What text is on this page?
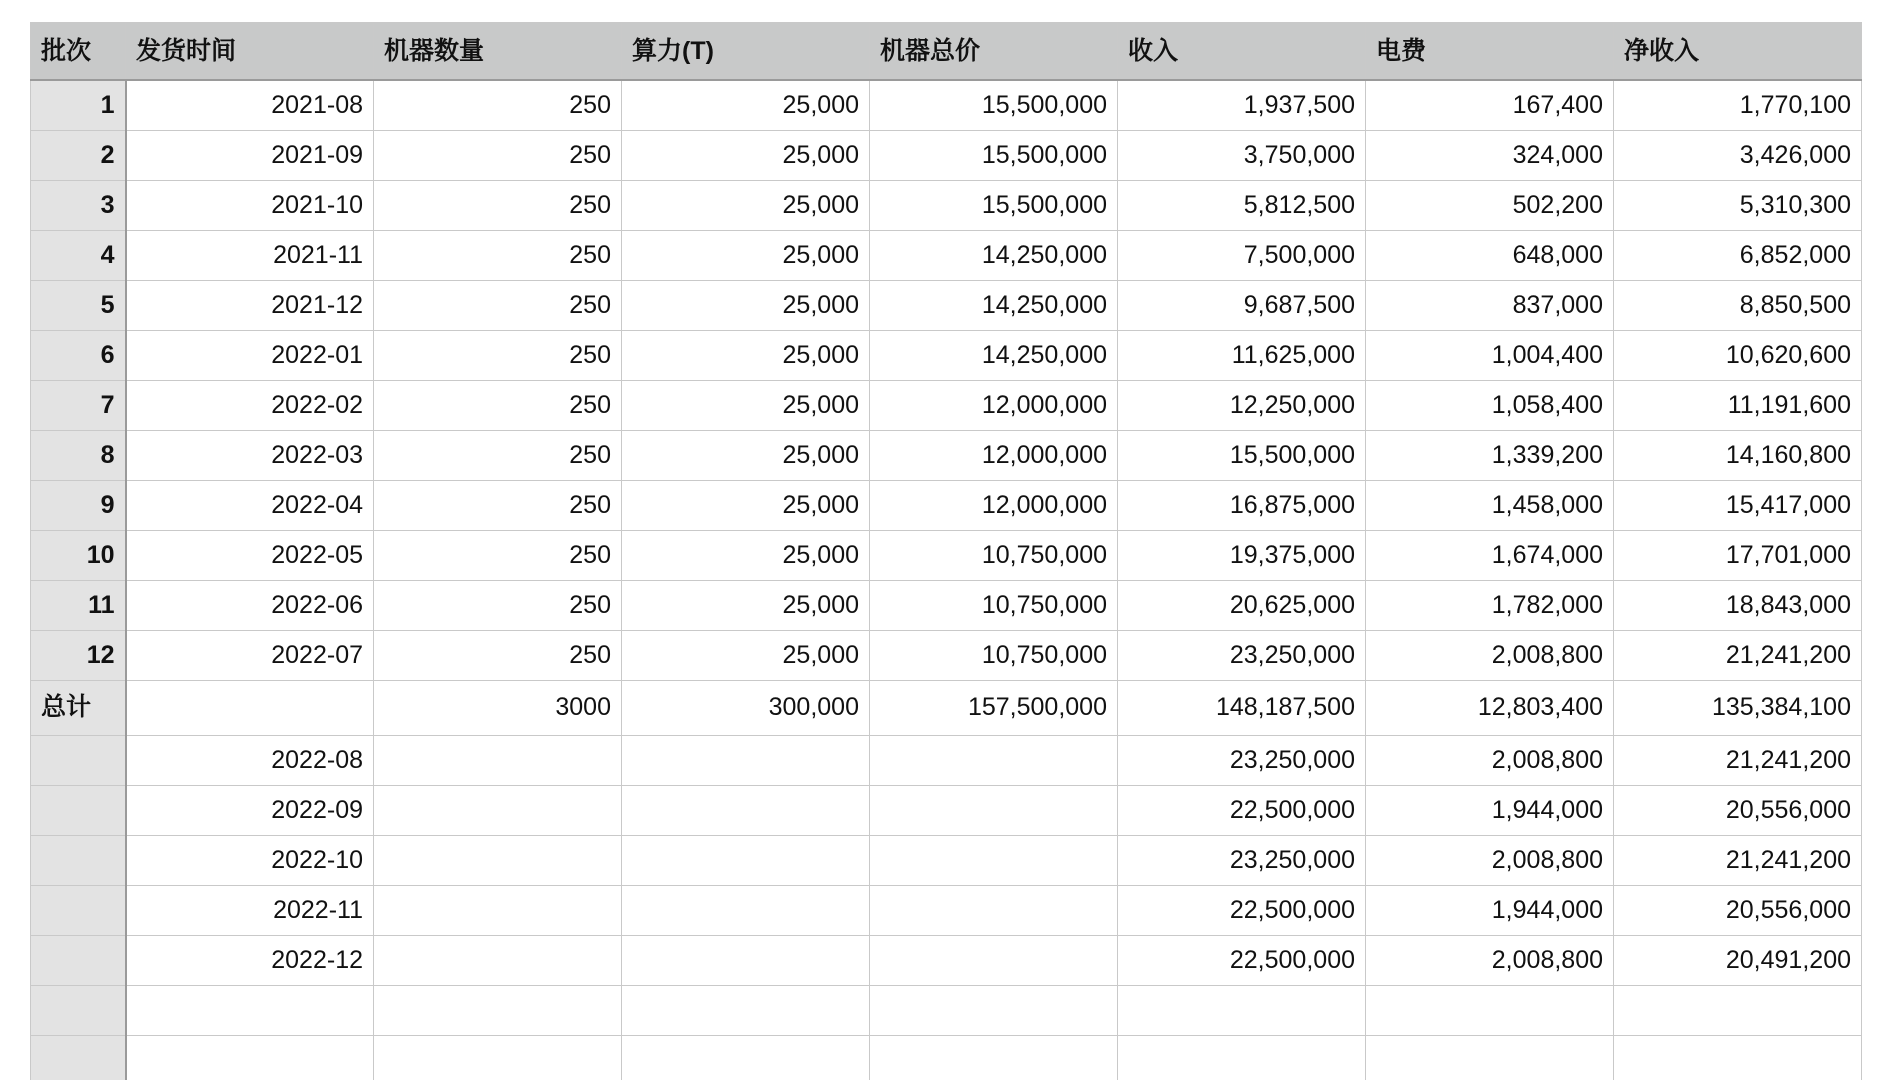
批次	发货时间	机器数量	算力(T)	机器总价	收入	电费	净收入
1	2021-08	250	25,000	15,500,000	1,937,500	167,400	1,770,100
2	2021-09	250	25,000	15,500,000	3,750,000	324,000	3,426,000
3	2021-10	250	25,000	15,500,000	5,812,500	502,200	5,310,300
4	2021-11	250	25,000	14,250,000	7,500,000	648,000	6,852,000
5	2021-12	250	25,000	14,250,000	9,687,500	837,000	8,850,500
6	2022-01	250	25,000	14,250,000	11,625,000	1,004,400	10,620,600
7	2022-02	250	25,000	12,000,000	12,250,000	1,058,400	11,191,600
8	2022-03	250	25,000	12,000,000	15,500,000	1,339,200	14,160,800
9	2022-04	250	25,000	12,000,000	16,875,000	1,458,000	15,417,000
10	2022-05	250	25,000	10,750,000	19,375,000	1,674,000	17,701,000
11	2022-06	250	25,000	10,750,000	20,625,000	1,782,000	18,843,000
12	2022-07	250	25,000	10,750,000	23,250,000	2,008,800	21,241,200
总计		3000	300,000	157,500,000	148,187,500	12,803,400	135,384,100
	2022-08				23,250,000	2,008,800	21,241,200
	2022-09				22,500,000	1,944,000	20,556,000
	2022-10				23,250,000	2,008,800	21,241,200
	2022-11				22,500,000	1,944,000	20,556,000
	2022-12				22,500,000	2,008,800	20,491,200
